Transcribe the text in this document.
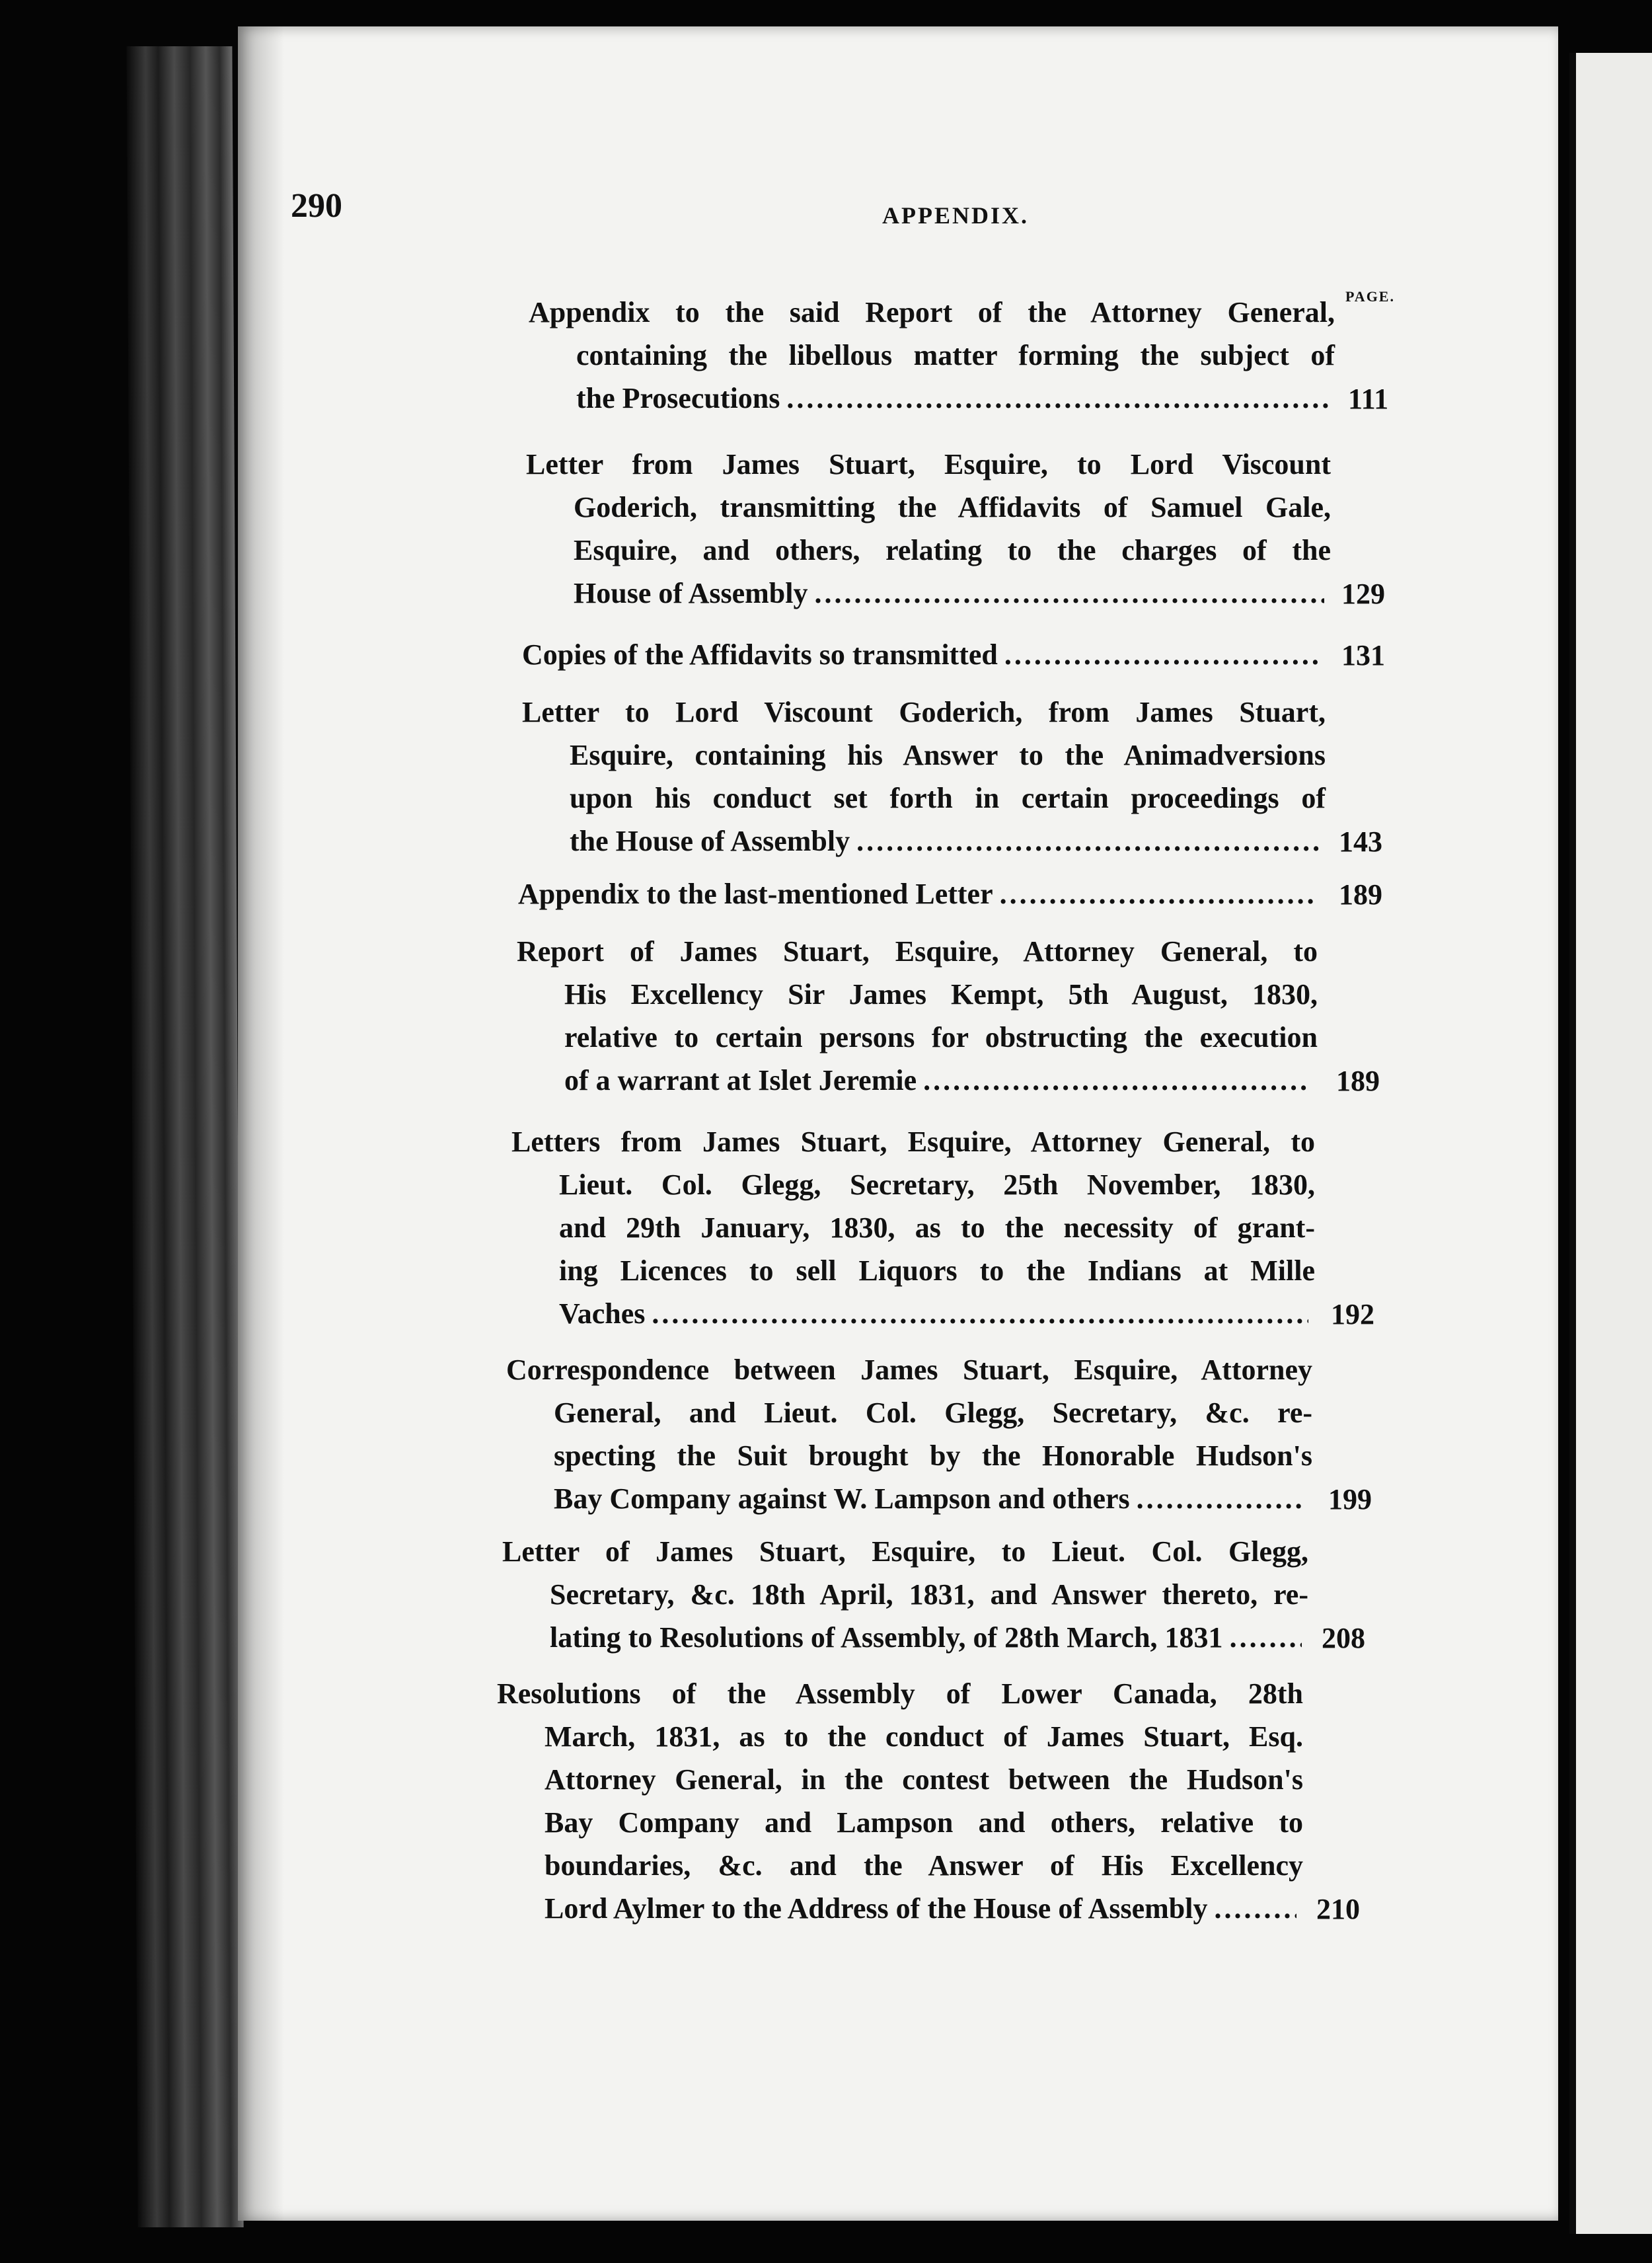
290	APPENDIX.
PAGE.
Appendix to the said Report of the Attorney General,
containing the libellous matter forming the subject of
the Prosecutions .....	111
Letter from James Stuart, Esquire, to Lord Viscount
Goderich, transmitting the Affidavits of Samuel Gale,
Esquire, and others, relating to the charges of the
House of Assembly .....	129
Copies of the Affidavits so transmitted .....	131
Letter to Lord Viscount Goderich, from James Stuart,
Esquire, containing his Answer to the Animadversions
upon his conduct set forth in certain proceedings of
the House of Assembly .....	143
Appendix to the last-mentioned Letter .....	189
Report of James Stuart, Esquire, Attorney General, to
His Excellency Sir James Kempt, 5th August, 1830,
relative to certain persons for obstructing the execution
of a warrant at Islet Jeremie .....	189
Letters from James Stuart, Esquire, Attorney General, to
Lieut. Col. Glegg, Secretary, 25th November, 1830,
and 29th January, 1830, as to the necessity of grant-
ing Licences to sell Liquors to the Indians at Mille
Vaches .....	192
Correspondence between James Stuart, Esquire, Attorney
General, and Lieut. Col. Glegg, Secretary, &c. re-
specting the Suit brought by the Honorable Hudson's
Bay Company against W. Lampson and others .....	199
Letter of James Stuart, Esquire, to Lieut. Col. Glegg,
Secretary, &c. 18th April, 1831, and Answer thereto, re-
lating to Resolutions of Assembly, of 28th March, 1831 .....	208
Resolutions of the Assembly of Lower Canada, 28th
March, 1831, as to the conduct of James Stuart, Esq.
Attorney General, in the contest between the Hudson's
Bay Company and Lampson and others, relative to
boundaries, &c. and the Answer of His Excellency
Lord Aylmer to the Address of the House of Assembly .....	210
